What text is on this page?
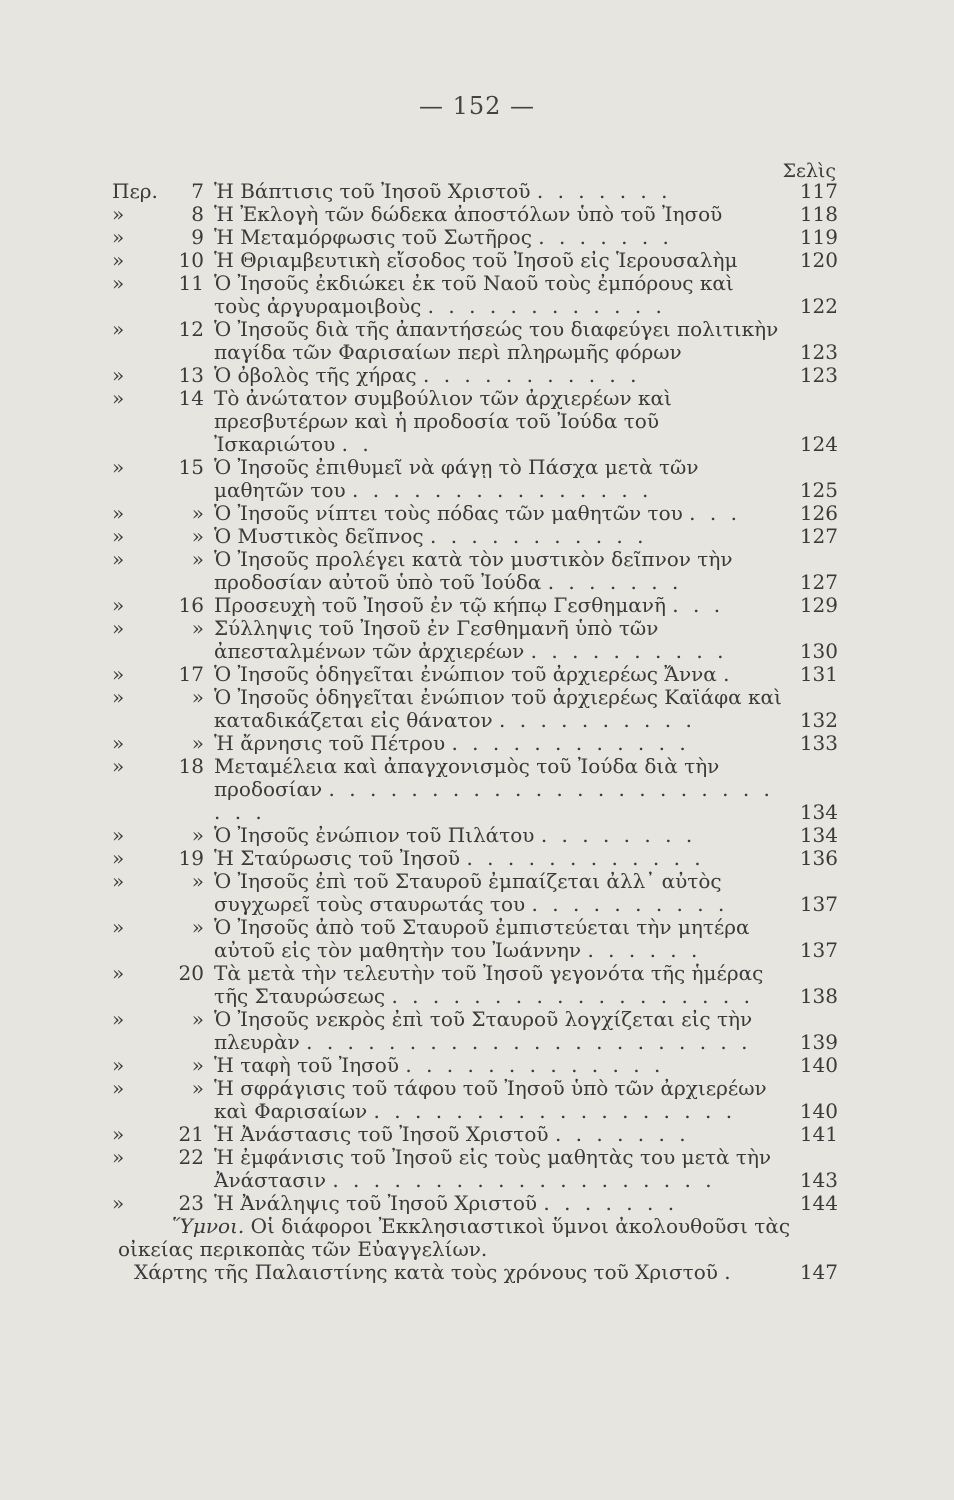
— 152 —
Σελὶς
Περ.	7 Ἡ Βάπτισις τοῦ Ἰησοῦ Χριστοῦ . . . . . . .	117
»	8 Ἡ Ἐκλογὴ τῶν δώδεκα ἀποστόλων ὑπὸ τοῦ Ἰησοῦ	118
»	9 Ἡ Μεταμόρφωσις τοῦ Σωτῆρος . . . . . . .	119
»	10 Ἡ Θριαμβευτικὴ εἴσοδος τοῦ Ἰησοῦ εἰς Ἱερουσαλὴμ	120
»	11 Ὁ Ἰησοῦς ἐκδιώκει ἐκ τοῦ Ναοῦ τοὺς ἐμπόρους καὶ τοὺς ἀργυραμοιβοὺς . . . . . . . . . . . .	122
»	12 Ὁ Ἰησοῦς διὰ τῆς ἀπαντήσεώς του διαφεύγει πολιτικὴν παγίδα τῶν Φαρισαίων περὶ πληρωμῆς φόρων	123
»	13 Ὁ ὀβολὸς τῆς χήρας . . . . . . . . . . .	123
»	14 Τὸ ἀνώτατον συμβούλιον τῶν ἀρχιερέων καὶ πρεσβυτέρων καὶ ἡ προδοσία τοῦ Ἰούδα τοῦ Ἰσκαριώτου . .	124
»	15 Ὁ Ἰησοῦς ἐπιθυμεῖ νὰ φάγῃ τὸ Πάσχα μετὰ τῶν μαθητῶν του . . . . . . . . . . . . . . .	125
»	» Ὁ Ἰησοῦς νίπτει τοὺς πόδας τῶν μαθητῶν του . . .	126
»	» Ὁ Μυστικὸς δεῖπνος . . . . . . . . . . .	127
»	» Ὁ Ἰησοῦς προλέγει κατὰ τὸν μυστικὸν δεῖπνον τὴν προδοσίαν αὐτοῦ ὑπὸ τοῦ Ἰούδα . . . . . . .	127
»	16 Προσευχὴ τοῦ Ἰησοῦ ἐν τῷ κήπῳ Γεσθημανῆ . . .	129
»	» Σύλληψις τοῦ Ἰησοῦ ἐν Γεσθημανῆ ὑπὸ τῶν ἀπεσταλμένων τῶν ἀρχιερέων . . . . . . . . . .	130
»	17 Ὁ Ἰησοῦς ὁδηγεῖται ἐνώπιον τοῦ ἀρχιερέως Ἄννα .	131
»	» Ὁ Ἰησοῦς ὁδηγεῖται ἐνώπιον τοῦ ἀρχιερέως Καϊάφα καὶ καταδικάζεται εἰς θάνατον . . . . . . . . . .	132
»	» Ἡ ἄρνησις τοῦ Πέτρου . . . . . . . . . . . .	133
»	18 Μεταμέλεια καὶ ἀπαγχονισμὸς τοῦ Ἰούδα διὰ τὴν προδοσίαν . . . . . . . . . . . . . . . . . . . . . . . . .	134
»	» Ὁ Ἰησοῦς ἐνώπιον τοῦ Πιλάτου . . . . . . . .	134
»	19 Ἡ Σταύρωσις τοῦ Ἰησοῦ . . . . . . . . . . . .	136
»	» Ὁ Ἰησοῦς ἐπὶ τοῦ Σταυροῦ ἐμπαίζεται ἀλλ᾽ αὐτὸς συγχωρεῖ τοὺς σταυρωτάς του . . . . . . . . . .	137
»	» Ὁ Ἰησοῦς ἀπὸ τοῦ Σταυροῦ ἐμπιστεύεται τὴν μητέρα αὐτοῦ εἰς τὸν μαθητὴν του Ἰωάννην . . . . . .	137
»	20 Τὰ μετὰ τὴν τελευτὴν τοῦ Ἰησοῦ γεγονότα τῆς ἡμέρας τῆς Σταυρώσεως . . . . . . . . . . . . . . . . . .	138
»	» Ὁ Ἰησοῦς νεκρὸς ἐπὶ τοῦ Σταυροῦ λογχίζεται εἰς τὴν πλευρὰν . . . . . . . . . . . . . . . . . . . . . .	139
»	» Ἡ ταφὴ τοῦ Ἰησοῦ . . . . . . . . . . . . .	140
»	» Ἡ σφράγισις τοῦ τάφου τοῦ Ἰησοῦ ὑπὸ τῶν ἀρχιερέων καὶ Φαρισαίων . . . . . . . . . . . . . . . . . .	140
»	21 Ἡ Ἀνάστασις τοῦ Ἰησοῦ Χριστοῦ . . . . . . .	141
»	22 Ἡ ἐμφάνισις τοῦ Ἰησοῦ εἰς τοὺς μαθητὰς του μετὰ τὴν Ἀνάστασιν . . . . . . . . . . . . . . . . . . .	143
»	23 Ἡ Ἀνάληψις τοῦ Ἰησοῦ Χριστοῦ . . . . . . .	144
Ὕμνοι. Οἱ διάφοροι Ἐκκλησιαστικοὶ ὕμνοι ἀκολουθοῦσι τὰς οἰκείας περικοπὰς τῶν Εὐαγγελίων.
Χάρτης τῆς Παλαιστίνης κατὰ τοὺς χρόνους τοῦ Χριστοῦ .	147
